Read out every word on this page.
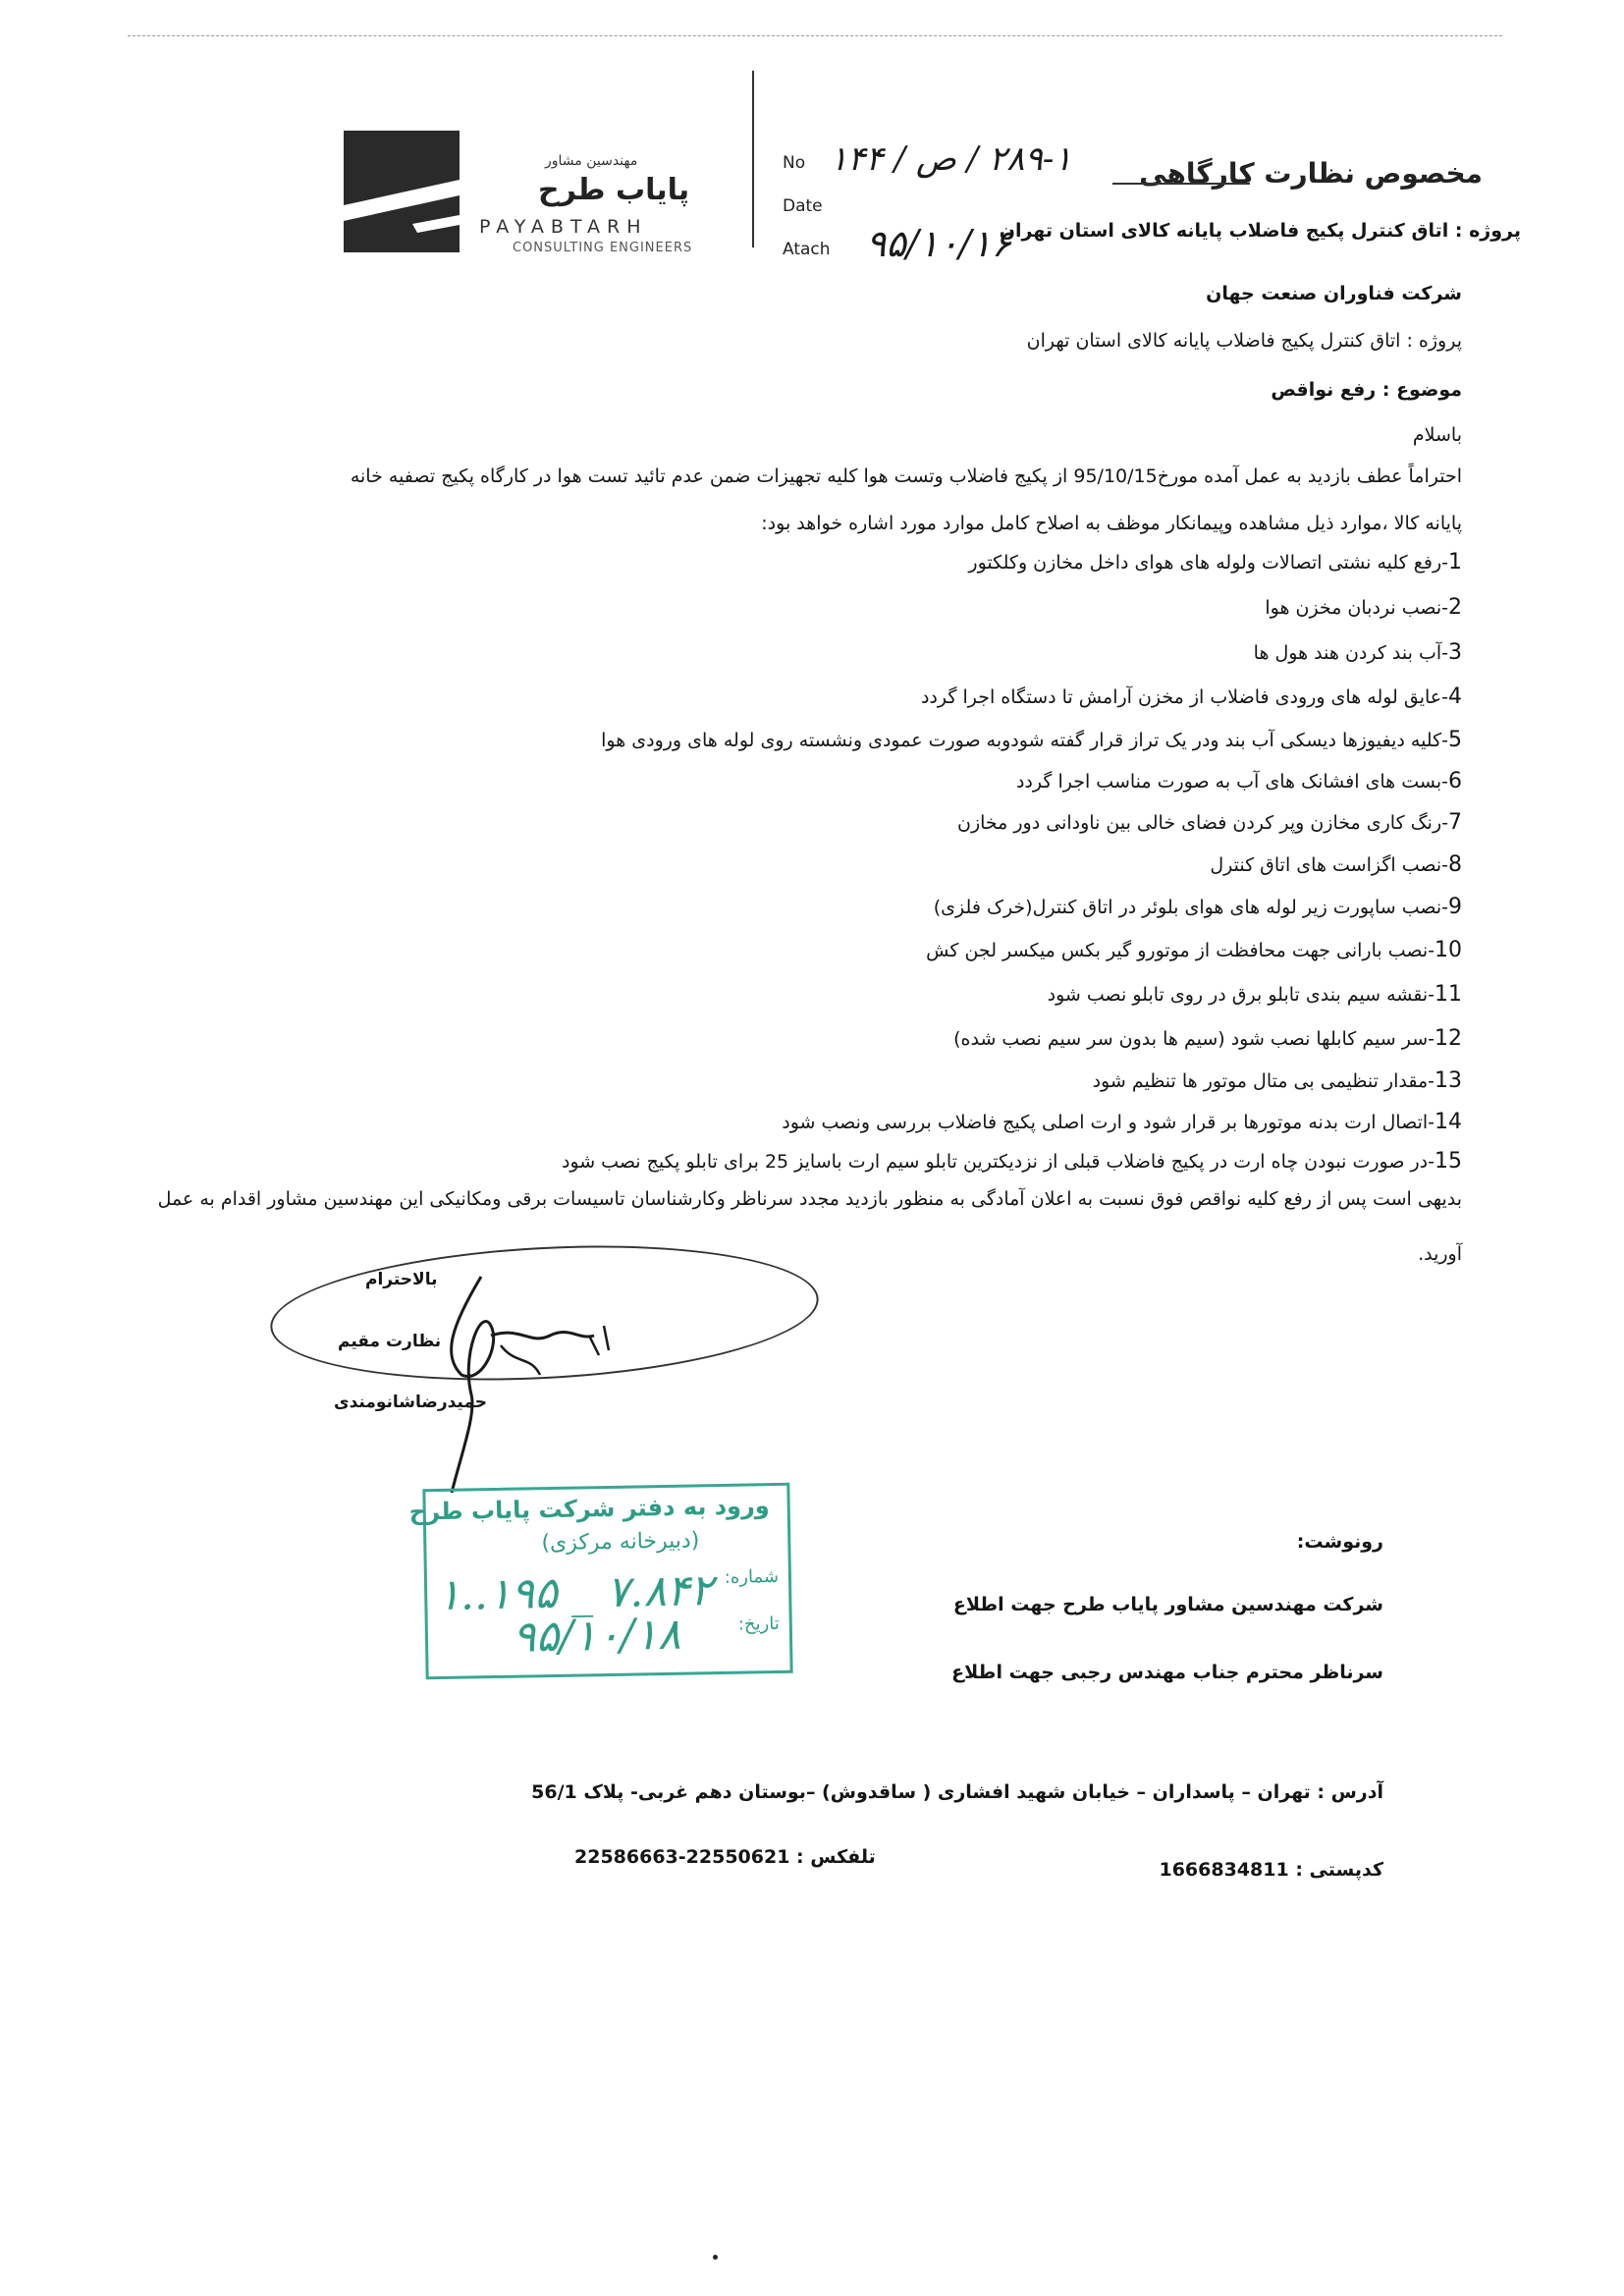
مهندسین مشاور
پایاب طرح
PAYABTARH
CONSULTING ENGINEERS
No
Date
Atach
۲۸۹-۱ / ص / ۱۴۴
۹۵/۱۰/۱۶
مخصوص نظارت کارگاهی
پروژه : اتاق کنترل پکیج فاضلاب پایانه کالای استان تهران
شرکت فناوران صنعت جهان
پروژه : اتاق کنترل پکیج فاضلاب پایانه کالای استان تهران
موضوع : رفع نواقص
باسلام
احتراماً عطف بازدید به عمل آمده مورخ95/10/15 از پکیج فاضلاب وتست هوا کلیه تجهیزات ضمن عدم تائید تست هوا در کارگاه پکیج تصفیه خانه
پایانه کالا ،موارد ذیل مشاهده وپیمانکار موظف به اصلاح کامل موارد مورد اشاره خواهد بود:
1-رفع کلیه نشتی اتصالات ولوله های هوای داخل مخازن وکلکتور
2-نصب نردبان مخزن هوا
3-آب بند کردن هند هول ها
4-عایق لوله های ورودی فاضلاب از مخزن آرامش تا دستگاه اجرا گردد
5-کلیه دیفیوزها دیسکی آب بند ودر یک تراز قرار گفته شودوبه صورت عمودی ونشسته روی لوله های ورودی هوا
6-بست های افشانک های آب به صورت مناسب اجرا گردد
7-رنگ کاری مخازن وپر کردن فضای خالی بین ناودانی دور مخازن
8-نصب اگزاست های اتاق کنترل
9-نصب ساپورت زیر لوله های هوای بلوئر در اتاق کنترل(خرک فلزی)
10-نصب بارانی جهت محافظت از موتورو گیر بکس میکسر لجن کش
11-نقشه سیم بندی تابلو برق در روی تابلو نصب شود
12-سر سیم کابلها نصب شود (سیم ها بدون سر سیم نصب شده)
13-مقدار تنظیمی بی متال موتور ها تنظیم شود
14-اتصال ارت بدنه موتورها بر قرار شود و ارت اصلی پکیج فاضلاب بررسی ونصب شود
15-در صورت نبودن چاه ارت در پکیج فاضلاب قبلی از نزدیکترین تابلو سیم ارت باسایز 25 برای تابلو پکیج نصب شود
بدیهی است پس از رفع کلیه نواقص فوق نسبت به اعلان آمادگی به منظور بازدید مجدد سرناظر وکارشناسان تاسیسات برقی ومکانیکی این مهندسین مشاور اقدام به عمل
آورید.
بالاحترام
نظارت مقیم
حمیدرضاشانومندی
ورود به دفتر شرکت پایاب طرح
(دبیرخانه مرکزی)
شماره:
۱..۱۹۵ _ ۷.۸۴۲
تاریخ:
۹۵/۱۰/۱۸
رونوشت:
شرکت مهندسین مشاور پایاب طرح جهت اطلاع
سرناظر محترم جناب مهندس رجبی جهت اطلاع
آدرس : تهران – پاسداران – خیابان شهید افشاری ( ساقدوش) –بوستان دهم غربی- پلاک 56/1
کدپستی : 1666834811
تلفکس : 22550621-22586663
